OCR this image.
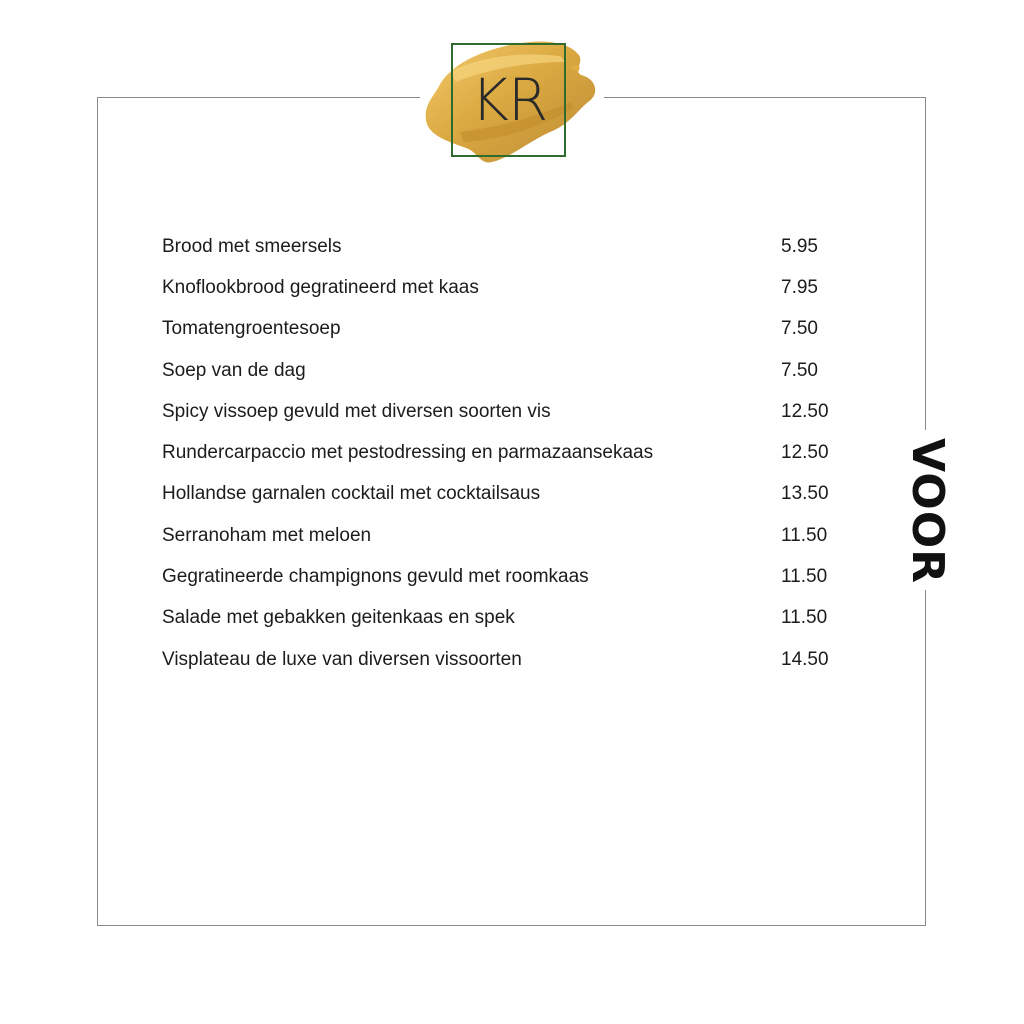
KR
VOOR
Brood met smeersels	5.95
Knoflookbrood gegratineerd met kaas	7.95
Tomatengroentesoep	7.50
Soep van de dag	7.50
Spicy vissoep gevuld met diversen soorten vis	12.50
Rundercarpaccio met pestodressing en parmazaansekaas	12.50
Hollandse garnalen cocktail met cocktailsaus	13.50
Serranoham met meloen	11.50
Gegratineerde champignons gevuld met roomkaas	11.50
Salade met gebakken geitenkaas en spek	11.50
Visplateau de luxe van diversen vissoorten	14.50
